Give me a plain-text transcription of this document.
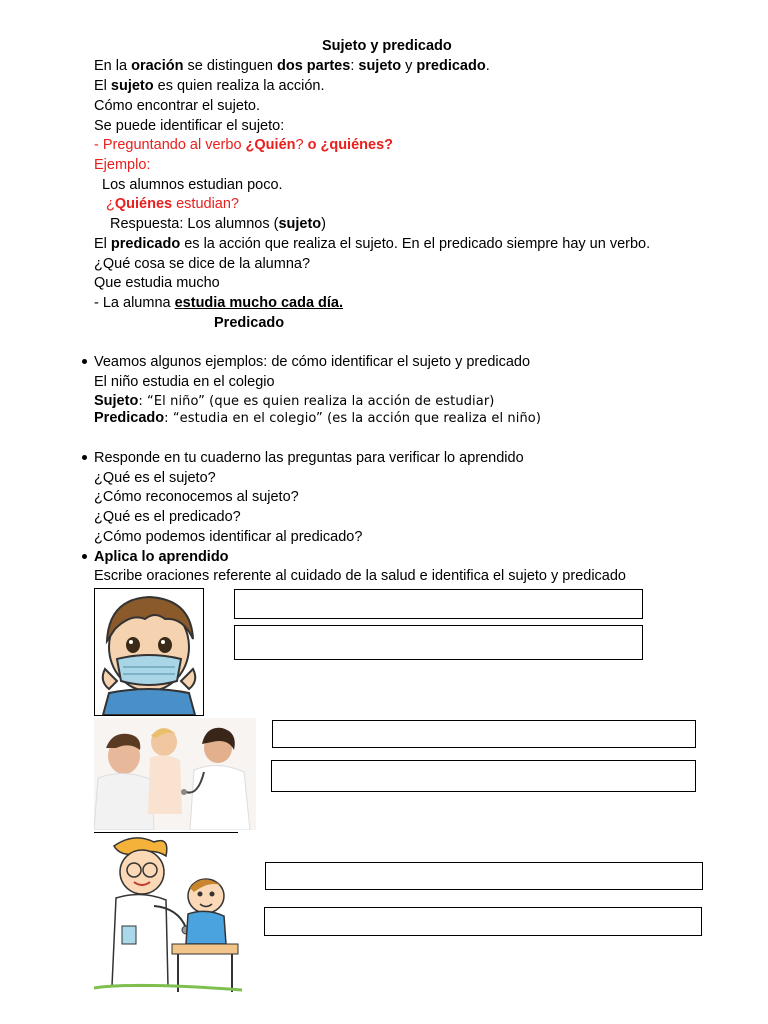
Sujeto y predicado
En la oración se distinguen dos partes: sujeto y predicado.
El sujeto es quien realiza la acción.
Cómo encontrar el sujeto.
Se puede identificar el sujeto:
- Preguntando al verbo ¿Quién? o ¿quiénes?
Ejemplo:
Los alumnos estudian poco.
¿Quiénes estudian?
Respuesta: Los alumnos (sujeto)
El predicado es la acción que realiza el sujeto. En el predicado siempre hay un verbo.
¿Qué cosa se dice de la alumna?
Que estudia mucho
- La alumna estudia mucho cada día.
Predicado
Veamos algunos ejemplos: de cómo identificar el sujeto y predicado
El niño estudia en el colegio
Sujeto: “El niño” (que es quien realiza la acción de estudiar)
Predicado: “estudia en el colegio” (es la acción que realiza el niño)
Responde en tu cuaderno las preguntas para verificar lo aprendido
¿Qué es el sujeto?
¿Cómo reconocemos al sujeto?
¿Qué es el predicado?
¿Cómo podemos identificar al predicado?
Aplica lo aprendido
Escribe oraciones referente al cuidado de la salud e identifica el sujeto y predicado
